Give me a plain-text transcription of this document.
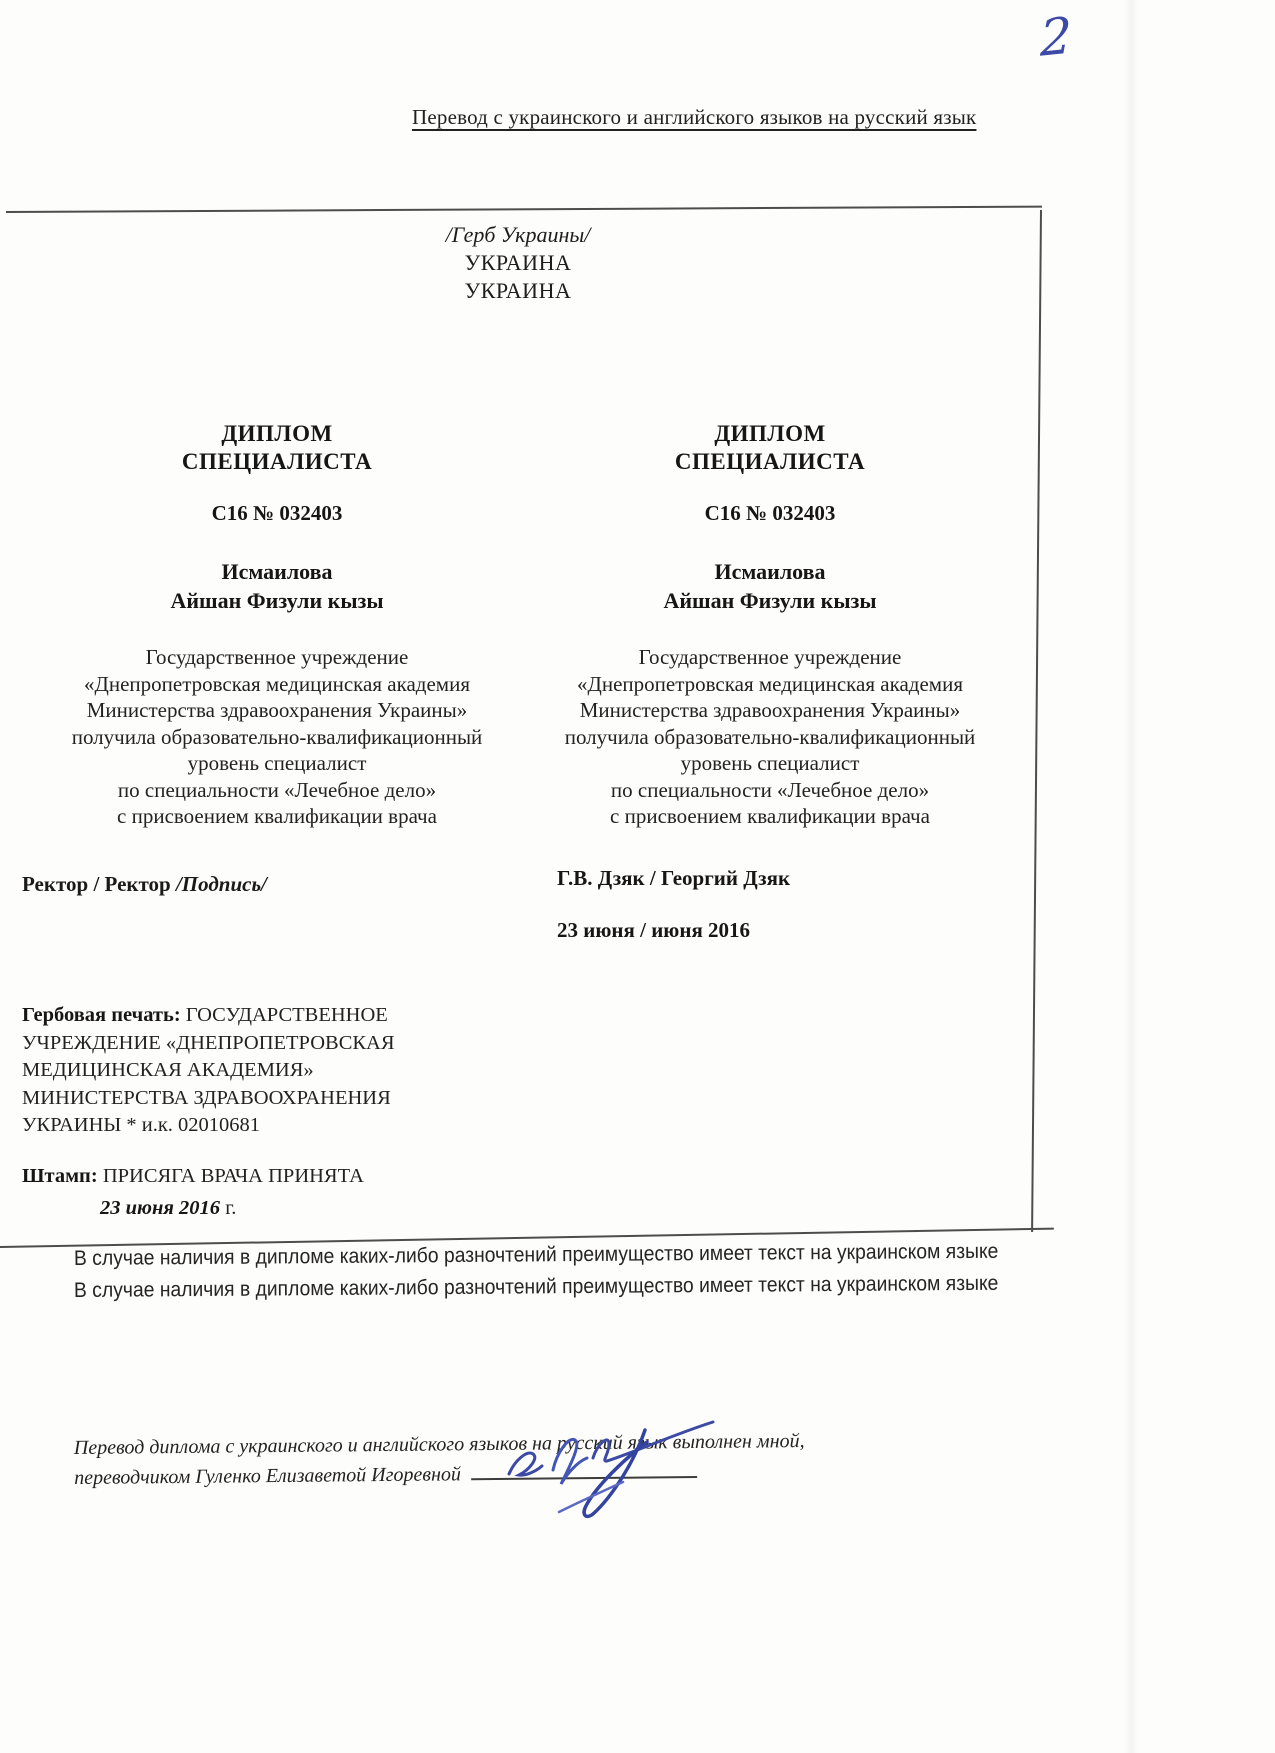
2
Перевод с украинского и английского языков на русский язык
/Герб Украины/
УКРАИНА
УКРАИНА
ДИПЛОМ
СПЕЦИАЛИСТА
С16 № 032403
Исмаилова
Айшан Физули кызы
Государственное учреждение
«Днепропетровская медицинская академия
Министерства здравоохранения Украины»
получила образовательно-квалификационный
уровень специалист
по специальности «Лечебное дело»
с присвоением квалификации врача
ДИПЛОМ
СПЕЦИАЛИСТА
С16 № 032403
Исмаилова
Айшан Физули кызы
Государственное учреждение
«Днепропетровская медицинская академия
Министерства здравоохранения Украины»
получила образовательно-квалификационный
уровень специалист
по специальности «Лечебное дело»
с присвоением квалификации врача
Ректор / Ректор /Подпись/	Г.В. Дзяк / Георгий Дзяк
23 июня / июня 2016
Гербовая печать: ГОСУДАРСТВЕННОЕ УЧРЕЖДЕНИЕ «ДНЕПРОПЕТРОВСКАЯ МЕДИЦИНСКАЯ АКАДЕМИЯ» МИНИСТЕРСТВА ЗДРАВООХРАНЕНИЯ УКРАИНЫ * и.к. 02010681
Штамп: ПРИСЯГА ВРАЧА ПРИНЯТА
23 июня 2016 г.
В случае наличия в дипломе каких-либо разночтений преимущество имеет текст на украинском языке
В случае наличия в дипломе каких-либо разночтений преимущество имеет текст на украинском языке
Перевод диплома с украинского и английского языков на русский язык выполнен мной,
переводчиком Гуленко Елизаветой Игоревной
